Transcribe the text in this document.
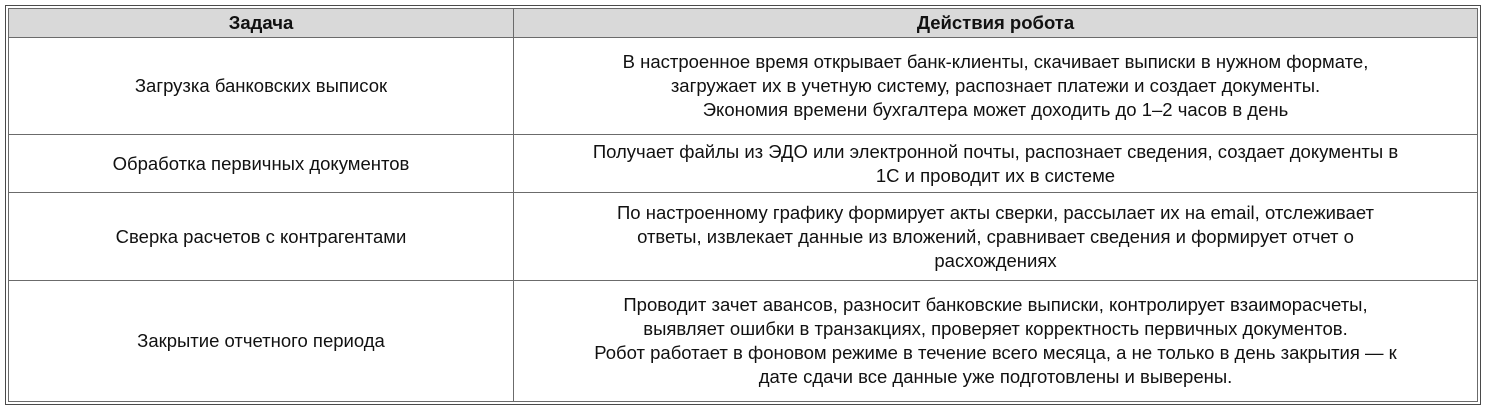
Задача	Действия робота
Загрузка банковских выписок	В настроенное время открывает банк-клиенты, скачивает выписки в нужном формате,
загружает их в учетную систему, распознает платежи и создает документы.
Экономия времени бухгалтера может доходить до 1–2 часов в день

Обработка первичных документов	Получает файлы из ЭДО или электронной почты, распознает сведения, создает документы в
1С и проводит их в системе

Сверка расчетов с контрагентами	По настроенному графику формирует акты сверки, рассылает их на email, отслеживает
ответы, извлекает данные из вложений, сравнивает сведения и формирует отчет о
расхождениях

Закрытие отчетного периода	Проводит зачет авансов, разносит банковские выписки, контролирует взаиморасчеты,
выявляет ошибки в транзакциях, проверяет корректность первичных документов.
Робот работает в фоновом режиме в течение всего месяца, а не только в день закрытия — к
дате сдачи все данные уже подготовлены и выверены.
